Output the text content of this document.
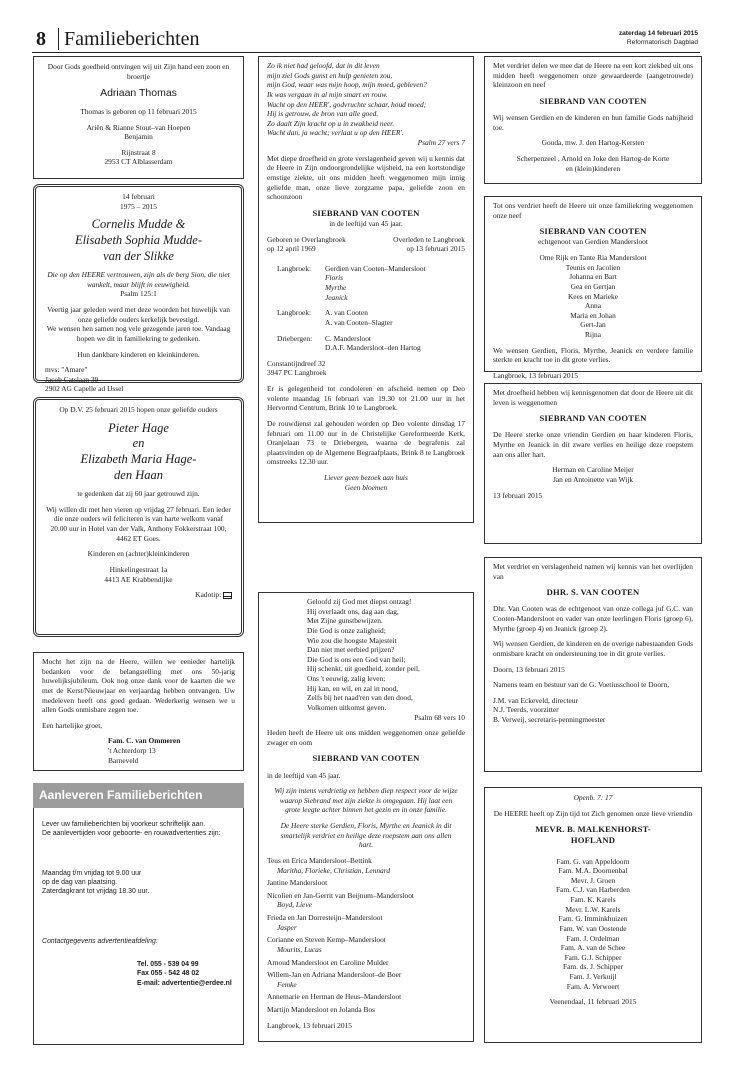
8 Familieberichten	zaterdag 14 februari 2015
Reformatorisch Dagblad
Door Gods goedheid ontvingen wij uit Zijn hand een zoon en broertje
Adriaan Thomas
Thomas is geboren op 11 februari 2015
Ariën & Rianne Stout–van Hoepen
Benjamin
Rijnstraat 8
2953 CT Alblasserdam
14 februari
1975 – 2015
Cornelis Mudde &
Elisabeth Sophia Mudde-
van der Slikke
Die op den HEERE vertrouwen, zijn als de berg Sion, die niet wankelt, maar blijft in eeuwigheid.
Psalm 125:1
Veertig jaar geleden werd met deze woorden het huwelijk van onze geliefde ouders kerkelijk bevestigd.
We wensen hen samen nog vele gezegende jaren toe. Vandaag hopen we dit in familiekring te gedenken.
Hun dankbare kinderen en kleinkinderen.
mvs: "Amare"
Jacob Catslaan 39
2902 AG Capelle ad IJssel
Op D.V. 25 februari 2015 hopen onze geliefde ouders
Pieter Hage
en
Elizabeth Maria Hage-
den Haan
te gedenken dat zij 60 jaar getrouwd zijn.
Wij willen dit met hen vieren op vrijdag 27 februari. Een ieder die onze ouders wil feliciteren is van harte welkom vanaf 20.00 uur in Hotel van der Valk, Anthony Fokkerstraat 100, 4462 ET Goes.
Kinderen en (achter)kleinkinderen
Hinkelingestraat 1a
4413 AE Krabbendijke
Kadotip:
Mocht het zijn na de Heere, willen we eenieder hartelijk bedanken voor de belangstelling met ons 50-jarig huwelijksjubileum. Ook nog onze dank voor de kaarten die we met de Kerst/Nieuwjaar en verjaardag hebben ontvangen. Uw medeleven heeft ons goed gedaan. Wederkerig wensen we u allen Gods onmisbare zegen toe.
Een hartelijke groet,
Fam. C. van Ommeren
't Achterdorp 13
Barneveld
Aanleveren Familieberichten
Lever uw familieberichten bij voorkeur schriftelijk aan.
De aanlevertijden voor geboorte- en rouwadvertenties zijn:
Maandag t/m vrijdag tot 9.00 uur
op de dag van plaatsing.
Zaterdagkrant tot vrijdag 18.30 uur.
Contactgegevens advertentieafdeling:
Tel. 055 - 539 04 99
Fax 055 - 542 48 02
E-mail: advertentie@erdee.nl
Zo ik niet had geloofd, dat in dit leven
mijn ziel Gods gunst en hulp genieten zou,
mijn God, waar was mijn hoop, mijn moed, gebleven?
Ik was vergaan in al mijn smart en rouw.
Wacht op den HEER', godvruchte schaar, houd moed;
Hij is getrouw, de bron van alle goed.
Zo daalt Zijn kracht op u in zwakheid neer.
Wacht dan, ja wacht; verlaat u op den HEER'.
Psalm 27 vers 7
Met diepe droefheid en grote verslagenheid geven wij u kennis dat de Heere in Zijn ondoorgrondelijke wijsheid, na een kortstondige ernstige ziekte, uit ons midden heeft weggenomen mijn innig geliefde man, onze lieve zorgzame papa, geliefde zoon en schoonzoon
SIEBRAND VAN COOTEN
in de leeftijd van 45 jaar.
Geboren te Overlangbroek	Overleden te Langbroek
op 12 april 1969	op 13 februari 2015
Langbroek:	Gerdien van Cooten–Mandersloot
Floris
Myrthe
Jeanick
Langbroek:	A. van Cooten
A. van Cooten–Slagter
Driebergen:	C. Mandersloot
D.A.F. Mandersloot–den Hartog
Constantijndreef 32
3947 PC Langbroek
Er is gelegenheid tot condoleren en afscheid nemen op Deo volente maandag 16 februari van 19.30 tot 21.00 uur in het Hervormd Centrum, Brink 10 te Langbroek.
De rouwdienst zal gehouden worden op Deo volente dinsdag 17 februari om 11.00 uur in de Christelijke Gereformeerde Kerk, Oranjelaan 73 te Driebergen, waarna de begrafenis zal plaatsvinden op de Algemene Begraafplaats, Brink 8 te Langbroek omstreeks 12.30 uur.
Liever geen bezoek aan huis
Geen bloemen
Geloofd zij God met diepst ontzag!
Hij overlaadt ons, dag aan dag,
Met Zijne gunstbewijzen.
Die God is onze zaligheid;
Wie zou die hoogste Majesteit
Dan niet met eerbied prijzen?
Die God is ons een God van heil;
Hij schenkt, uit goedheid, zonder peil,
Ons 't eeuwig, zalig leven;
Hij kan, en wil, en zal in nood,
Zelfs bij het naad'ren van den dood,
Volkomen uitkomst geven.
Psalm 68 vers 10
Heden heeft de Heere uit ons midden weggenomen onze geliefde zwager en oom
SIEBRAND VAN COOTEN
in de leeftijd van 45 jaar.
Wij zijn intens verdrietig en hebben diep respect voor de wijze waarop Siebrand met zijn ziekte is omgegaan. Hij laat een grote leegte achter binnen het gezin en in onze familie.
De Heere sterke Gerdien, Floris, Myrthe en Jeanick in dit smartelijk verdriet en heilige deze roepstem aan ons allen hart.
Teus en Erica Mandersloot–Bettink
Maritha, Florieke, Christian, Lennard
Jantine Mandersloot
Nicolien en Jan-Gerrit van Beijnum–Mandersloot
Boyd, Lieve
Frieda en Jan Dorresteijn–Mandersloot
Jasper
Corianne en Steven Kemp–Mandersloot
Mourits, Lucas
Arnoud Mandersloot en Caroline Mulder
Willem-Jan en Adriana Mandersloot–de Boer
Femke
Annemarie en Herman de Heus–Mandersloot
Martijn Mandersloot en Jolanda Bos
Langbroek, 13 februari 2015
Met verdriet delen we mee dat de Heere na een kort ziekbed uit ons midden heeft weggenomen onze gewaardeerde (aangetrouwde) kleinzoon en neef
SIEBRAND VAN COOTEN
Wij wensen Gerdien en de kinderen en hun familie Gods nabijheid toe.
Gouda, mw. J. den Hartog-Kersten
Scherpenzeel , Arnold en Joke den Hartog-de Korte
en (klein)kinderen
Tot ons verdriet heeft de Heere uit onze familiekring weggenomen onze neef
SIEBRAND VAN COOTEN
echtgenoot van Gerdien Mandersloot
Ome Rijk en Tante Ria Mandersloot
Teunis en Jacolien
Johanna en Bart
Gea en Gertjan
Kees en Marieke
Anna
Maria en Johan
Gert-Jan
Rijna
We wensen Gerdien, Floris, Myrthe, Jeanick en verdere familie sterkte en kracht toe in dit grote verlies.
Langbroek, 13 februari 2015
Met droefheid hebben wij kennisgenomen dat door de Heere uit dit leven is weggenomen
SIEBRAND VAN COOTEN
De Heere sterke onze vriendin Gerdien en haar kinderen Floris, Myrthe en Jeanick in dit zware verlies en heilige deze roepstem aan ons aller hart.
Herman en Caroline Meijer
Jan en Antoinette van Wijk
13 februari 2015
Met verdriet en verslagenheid namen wij kennis van het overlijden van
DHR. S. VAN COOTEN
Dhr. Van Cooten was de echtgenoot van onze collega juf G.C. van Cooten-Mandersloot en vader van onze leerlingen Floris (groep 6), Myrthe (groep 4) en Jeanick (groep 2).
Wij wensen Gerdien, de kinderen en de overige nabestaanden Gods onmisbare kracht en ondersteuning toe in dit grote verlies.
Doorn, 13 februari 2015
Namens team en bestuur van de G. Voetiusschool te Doorn,
J.M. van Eckeveld, directeur
N.J. Teerds, voorzitter
B. Verweij, secretaris-penningmeester
Openb. 7: 17
De HEERE heeft op Zijn tijd tot Zich genomen onze lieve vriendin
MEVR. B. MALKENHORST-
HOFLAND
Fam. G. van Appeldoorn
Fam. M.A. Doornenbal
Mevr. J. Groen
Fam. C.J. van Harberden
Fam. K. Karels
Mevr. L.W. Karels
Fam. G. Imminkhuizen
Fam. W. van Oostende
Fam. J. Ordelman
Fam. A. van de Schee
Fam. G.J. Schipper
Fam. ds. J. Schipper
Fam. J. Verkuijl
Fam. A. Verwoert
Veenendaal, 11 februari 2015
